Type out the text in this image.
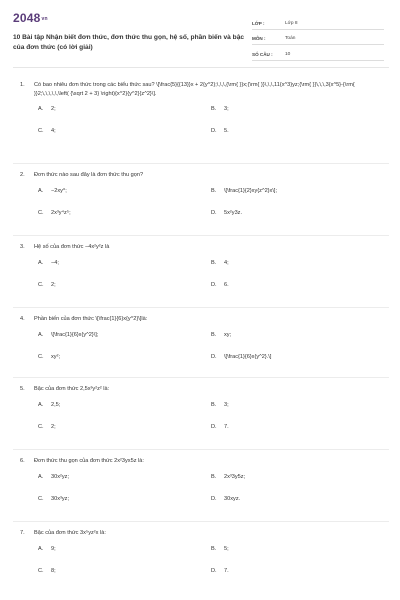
2048vn
10 Bài tập Nhận biết đơn thức, đơn thức thu gọn, hệ số, phần biến và bậc của đơn thức (có lời giải)
LỚP :	Lớp 8
MÔN :	Toán
SỐ CÂU :	10
1.	Có bao nhiêu đơn thức trong các biểu thức sau? \[\frac{5}{{13}}x + 2{y^2};\,\,\,{\rm{ }}x;{\rm{ }}\,\,\,11{x^3}yz;{\rm{ }}\,\,\,3{x^5}-{\rm{ }}2;\,\,\,\,\,\left( {\sqrt 2 + 3} \right){x^2}{y^2}{z^2}\].
A.	2;	B.	3;
C.	4;	D.	5.
2.	Đơn thức nào sau đây là đơn thức thu gọn?
A.	−2xy⁰;	B.	\[\frac{1}{2}xy{z^2}x\];
C.	2x³y⁴z⁵;	D.	5x²y3z.
3.	Hệ số của đơn thức −4x²y²z là
A.	−4;	B.	4;
C.	2;	D.	6.
4.	Phần biến của đơn thức \[\frac{1}{6}x{y^2}\]là:
A.	\[\frac{1}{6}x{y^2}\];	B.	xy;
C.	xy²;	D.	\[\frac{1}{6}x{y^2}.\]
5.	Bậc của đơn thức 2,5x³y²z² là:
A.	2,5;	B.	3;
C.	2;	D.	7.
6.	Đơn thức thu gọn của đơn thức 2x²3yx5z là:
A.	30x²yz;	B.	2x³3y5z;
C.	30x³yz;	D.	30xyz.
7.	Bậc của đơn thức 3x⁵yz²x là:
A.	9;	B.	5;
C.	8;	D.	7.
